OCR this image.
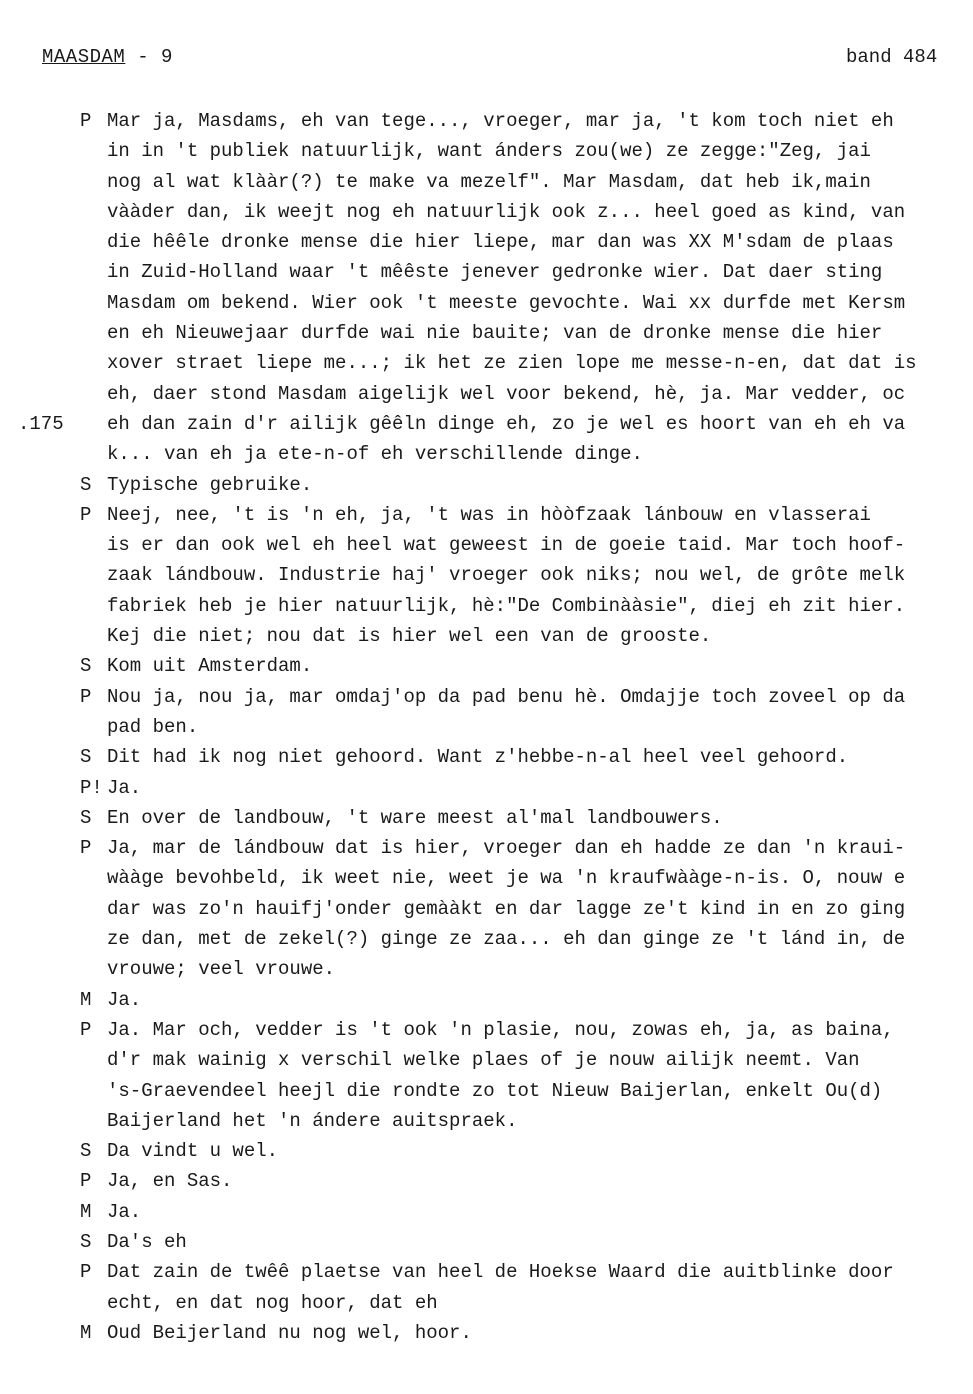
MAASDAM - 9	band 484
P Mar ja, Masdams, eh van tege..., vroeger, mar ja, 't kom toch niet eh
in in 't publiek natuurlijk, want ánders zou(we) ze zegge:"Zeg, jai
nog al wat klààr(?) te make va mezelf". Mar Masdam, dat heb ik,main
vààder dan, ik weejt nog eh natuurlijk ook z... heel goed as kind, van
die hêêle dronke mense die hier liepe, mar dan was XX M'sdam de plaas
in Zuid-Holland waar 't mêêste jenever gedronke wier. Dat daer sting
Masdam om bekend. Wier ook 't meeste gevochte. Wai xx durfde met Kersm
en eh Nieuwejaar durfde wai nie bauite; van de dronke mense die hier
xover straet liepe me...; ik het ze zien lope me messe-n-en, dat dat is
eh, daer stond Masdam aigelijk wel voor bekend, hè, ja. Mar vedder, oc
eh dan zain d'r ailijk gêêln dinge eh, zo je wel es hoort van eh eh va
.175
k... van eh ja ete-n-of eh verschillende dinge.
S Typische gebruike.
P Neej, nee, 't is 'n eh, ja, 't was in hòòfzaak lánbouw en vlasserai
is er dan ook wel eh heel wat geweest in de goeie taid. Mar toch hoof-
zaak lándbouw. Industrie haj' vroeger ook niks; nou wel, de grôte melk
fabriek heb je hier natuurlijk, hè:"De Combinààsie", diej eh zit hier.
Kej die niet; nou dat is hier wel een van de grooste.
S Kom uit Amsterdam.
P Nou ja, nou ja, mar omdaj'op da pad benu hè. Omdajje toch zoveel op da
pad ben.
S Dit had ik nog niet gehoord. Want z'hebbe-n-al heel veel gehoord.
P! Ja.
S En over de landbouw, 't ware meest al'mal landbouwers.
P Ja, mar de lándbouw dat is hier, vroeger dan eh hadde ze dan 'n kraui-
wààge bevohbeld, ik weet nie, weet je wa 'n kraufwààge-n-is. O, nouw e
dar was zo'n hauifj'onder gemààkt en dar lagge ze't kind in en zo ging
ze dan, met de zekel(?) ginge ze zaa... eh dan ginge ze 't lánd in, de
vrouwe; veel vrouwe.
M Ja.
P Ja. Mar och, vedder is 't ook 'n plasie, nou, zowas eh, ja, as baina,
d'r mak wainig x verschil welke plaes of je nouw ailijk neemt. Van
's-Graevendeel heejl die rondte zo tot Nieuw Baijerlan, enkelt Ou(d)
Baijerland het 'n ándere auitspraek.
S Da vindt u wel.
P Ja, en Sas.
M Ja.
S Da's eh
P Dat zain de twêê plaetse van heel de Hoekse Waard die auitblinke door
echt, en dat nog hoor, dat eh
M Oud Beijerland nu nog wel, hoor.
